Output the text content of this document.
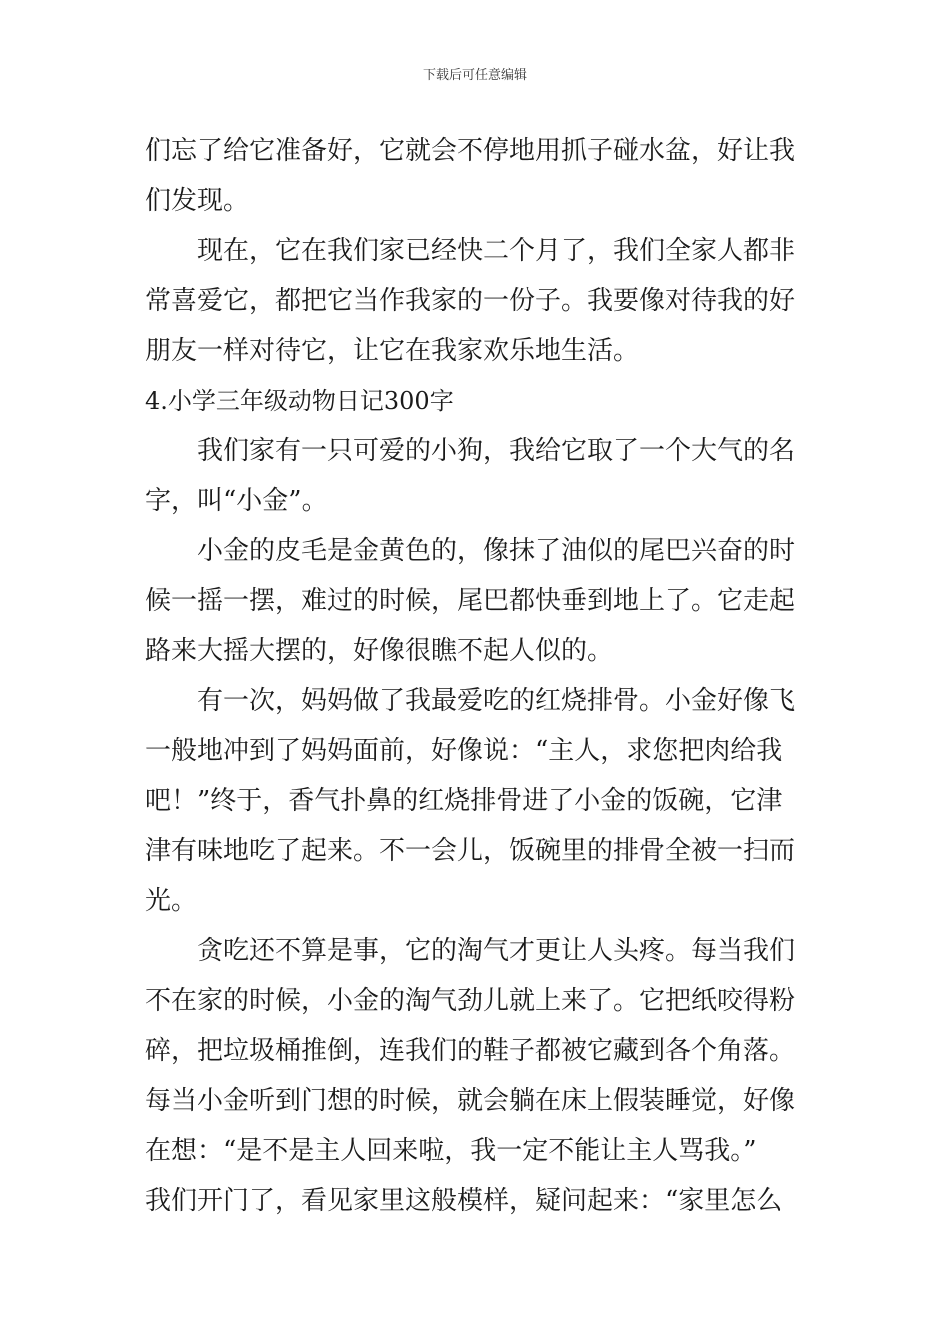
下载后可任意编辑
们忘了给它准备好，它就会不停地用抓子碰水盆，好让我
们发现。
现在，它在我们家已经快二个月了，我们全家人都非
常喜爱它，都把它当作我家的一份子。我要像对待我的好
朋友一样对待它，让它在我家欢乐地生活。
4.小学三年级动物日记300字
我们家有一只可爱的小狗，我给它取了一个大气的名
字，叫“小金”。
小金的皮毛是金黄色的，像抹了油似的尾巴兴奋的时
候一摇一摆，难过的时候，尾巴都快垂到地上了。它走起
路来大摇大摆的，好像很瞧不起人似的。
有一次，妈妈做了我最爱吃的红烧排骨。小金好像飞
一般地冲到了妈妈面前，好像说：“主人，求您把肉给我
吧！”终于，香气扑鼻的红烧排骨进了小金的饭碗，它津
津有味地吃了起来。不一会儿，饭碗里的排骨全被一扫而
光。
贪吃还不算是事，它的淘气才更让人头疼。每当我们
不在家的时候，小金的淘气劲儿就上来了。它把纸咬得粉
碎，把垃圾桶推倒，连我们的鞋子都被它藏到各个角落。
每当小金听到门想的时候，就会躺在床上假装睡觉，好像
在想：“是不是主人回来啦，我一定不能让主人骂我。”
我们开门了，看见家里这般模样，疑问起来：“家里怎么
